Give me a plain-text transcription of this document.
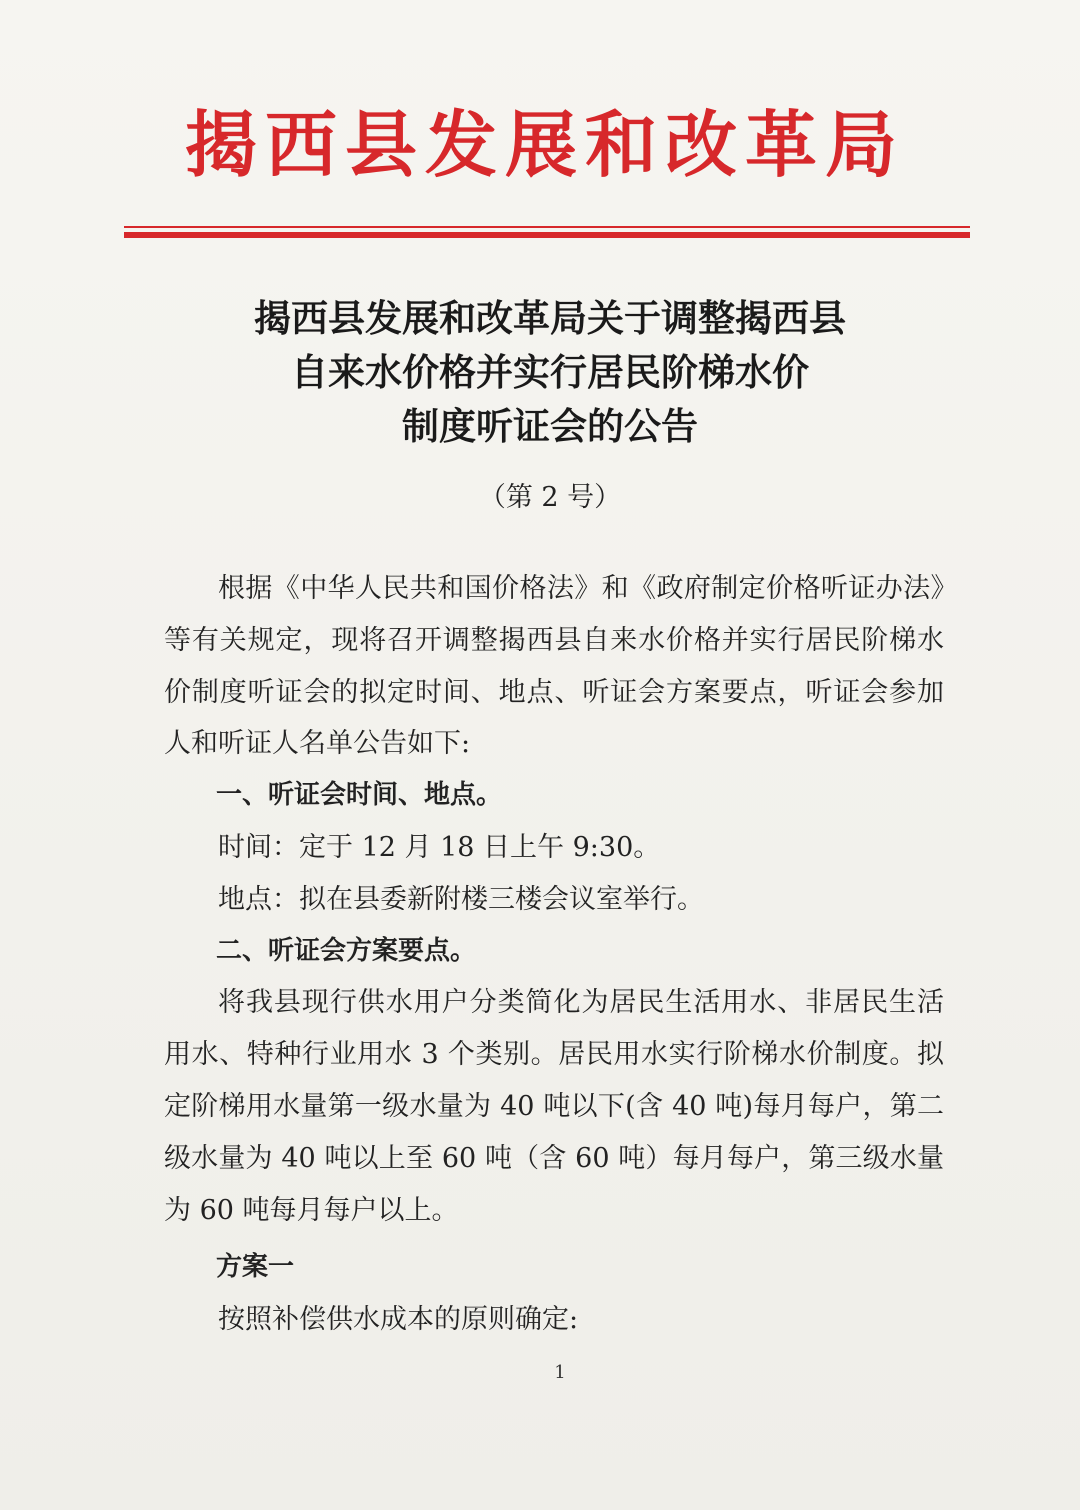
揭西县发展和改革局
揭西县发展和改革局关于调整揭西县
自来水价格并实行居民阶梯水价
制度听证会的公告
（第 2 号）

根据《中华人民共和国价格法》和《政府制定价格听证办法》等有关规定，现将召开调整揭西县自来水价格并实行居民阶梯水价制度听证会的拟定时间、地点、听证会方案要点，听证会参加人和听证人名单公告如下:

一、听证会时间、地点。

时间：定于 12 月 18 日上午 9:30。

地点：拟在县委新附楼三楼会议室举行。

二、听证会方案要点。

将我县现行供水用户分类简化为居民生活用水、非居民生活用水、特种行业用水 3 个类别。居民用水实行阶梯水价制度。拟定阶梯用水量第一级水量为 40 吨以下(含 40 吨)每月每户，第二级水量为 40 吨以上至 60 吨（含 60 吨）每月每户，第三级水量为 60 吨每月每户以上。

方案一

按照补偿供水成本的原则确定:

1
